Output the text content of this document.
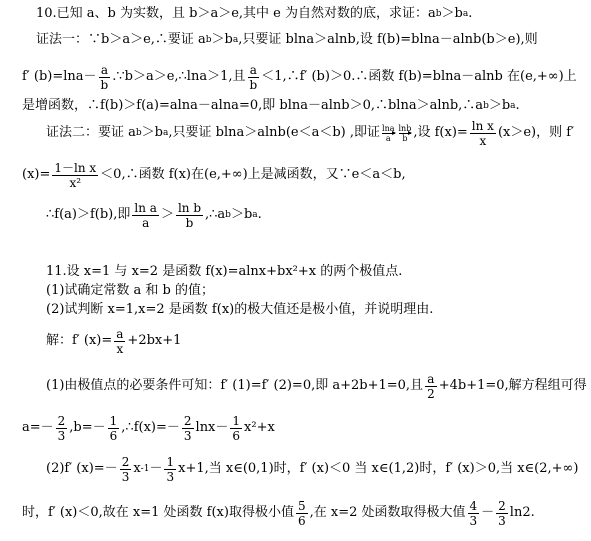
10.已知 a、b 为实数，且 b＞a＞e,其中 e 为自然对数的底，求证：a b ＞b a .
证法一：∵b＞a＞e,∴要证 a b ＞b a ,只要证 blna＞alnb,设 f(b)=blna－alnb(b＞e),则
f′ $(b)=\ln a- \frac{a}{b}$ .∵b＞a＞e,∴lna＞1,且 $\frac{a}{b}$ ＜1,∴f′ (b)＞0.∴函数 f(b)=blna－alnb 在(e,+∞)上
是增函数，∴f(b)＞f(a)=alna－alna=0,即 blna－alnb＞0,∴blna＞alnb,∴a b ＞b a .
证法二：要证 a b ＞b a ,只要证 blna＞alnb(e＜a＜b) ,即证 lna
a
lnb
b ,设 $f(x)= \frac{\text{ln x}}{x} (x>e)$，则 f′
$(x)= \frac{\text{1－ln x}}{\text{x²}}$ ＜0,∴函数 f(x)在(e,+∞)上是减函数，又∵e＜a＜b,
∴f(a)＞f(b),即 $\frac{\text{ln a}}{a} > \frac{\text{ln b}}{b}$ ,∴a b ＞b a .
11.设 x=1 与 x=2 是函数 f(x)=alnx+bx²+x 的两个极值点.
(1)试确定常数 a 和 b 的值；
(2)试判断 x=1,x=2 是函数 f(x)的极大值还是极小值，并说明理由.
解：f′ $(x)= \frac{a}{x} +2bx+1$
(1)由极值点的必要条件可知：f′ (1)=f′ (2)=0,即 a+2b+1=0,且 $\frac{a}{2} +4b+1=0$,解方程组可得
$a=- \frac{2}{3} ,b=- \frac{1}{6}$ ,∴f(x)=－ $\frac{2}{3} \ln x- \frac{1}{6} x^2+x$
(2)f′ $(x)=- \frac{2}{3}$ x $-1 - \frac{1}{3} x+1$,当 x∈(0,1)时，f′ (x)＜0 当 x∈(1,2)时，f′ (x)＞0,当 x∈(2,+∞)
时，f′ (x)＜0,故在 x=1 处函数 f(x)取得极小值 $\frac{5}{6}$ ,在 x=2 处函数取得极大值 $\frac{4}{3} - \frac{2}{3} \ln 2$.
